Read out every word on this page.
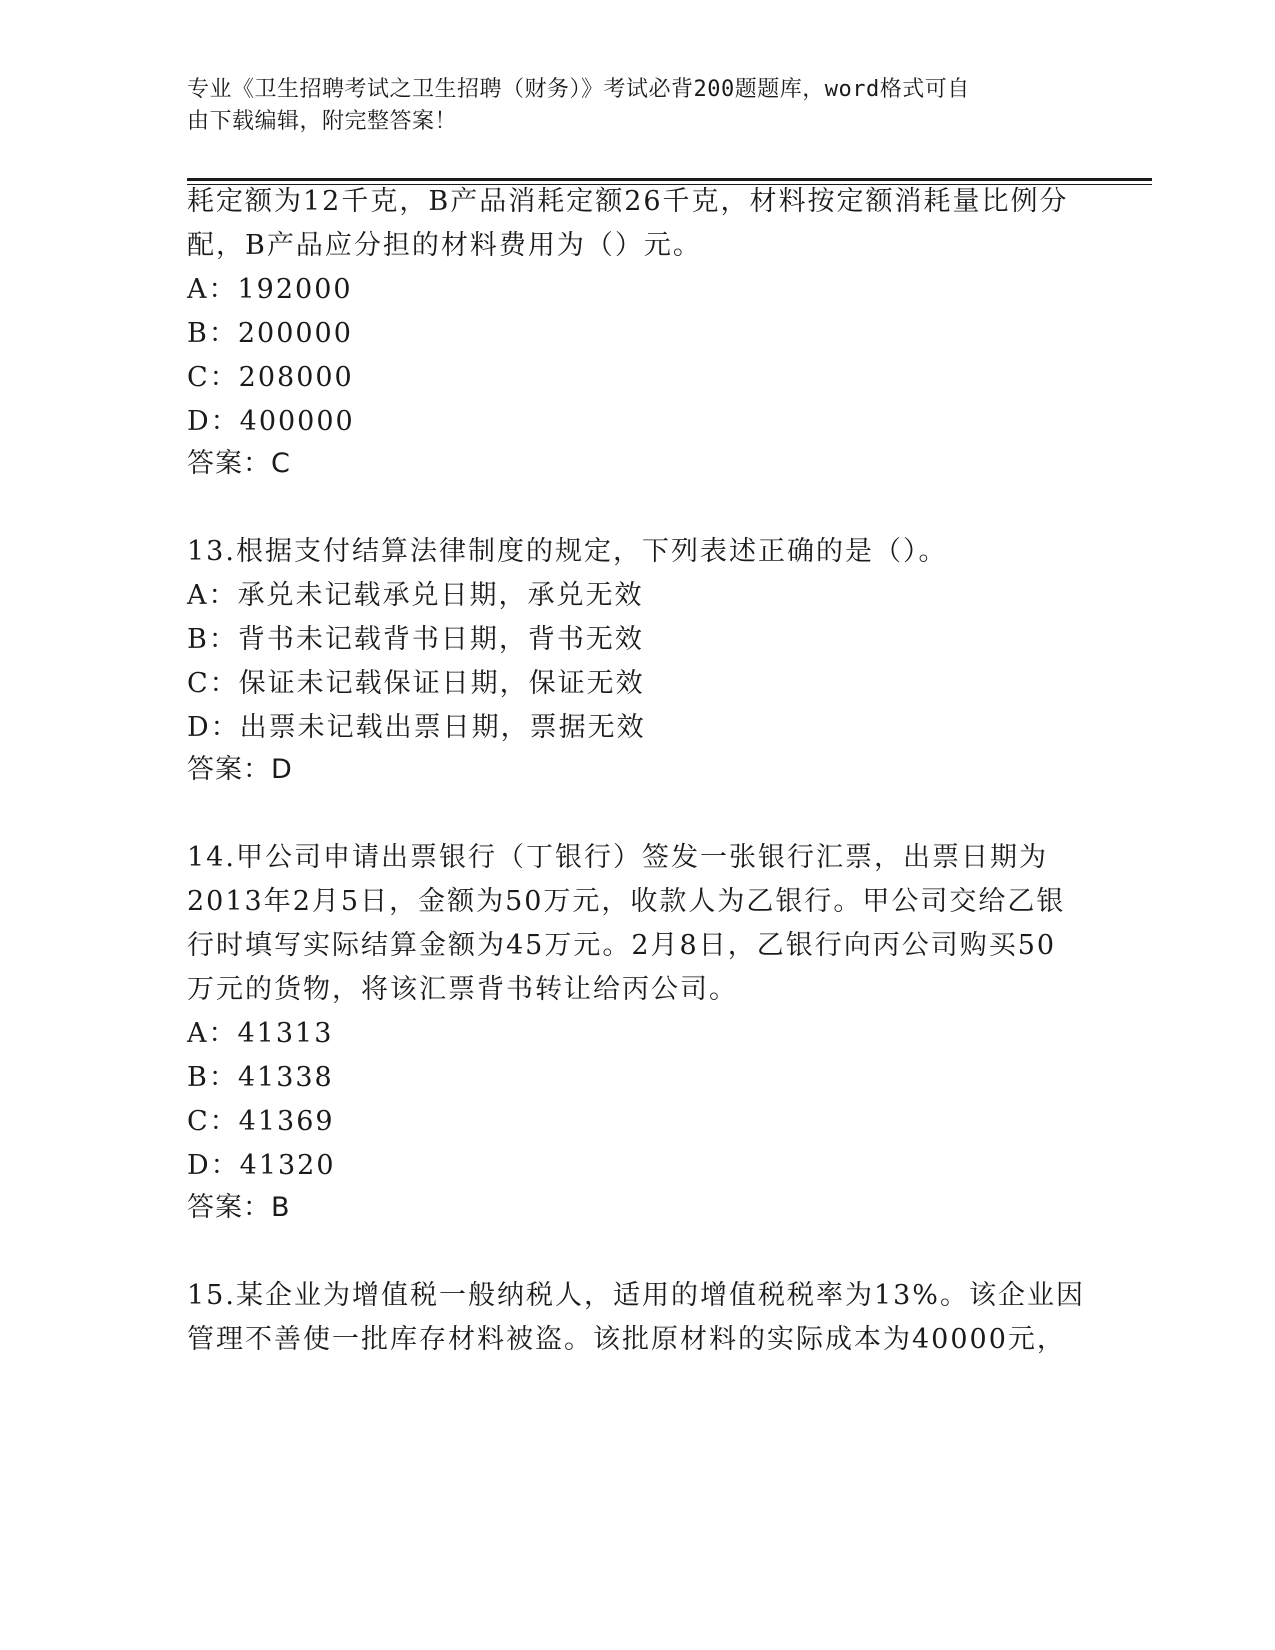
专业《卫生招聘考试之卫生招聘（财务）》考试必背200题题库，word格式可自
由下载编辑，附完整答案！

耗定额为12千克，B产品消耗定额26千克，材料按定额消耗量比例分

配，B产品应分担的材料费用为（）元。

A：192000

B：200000

C：208000

D：400000

答案：C

13.根据支付结算法律制度的规定，下列表述正确的是（）。

A：承兑未记载承兑日期，承兑无效

B：背书未记载背书日期，背书无效

C：保证未记载保证日期，保证无效

D：出票未记载出票日期，票据无效

答案：D

14.甲公司申请出票银行（丁银行）签发一张银行汇票，出票日期为

2013年2月5日，金额为50万元，收款人为乙银行。甲公司交给乙银

行时填写实际结算金额为45万元。2月8日，乙银行向丙公司购买50

万元的货物，将该汇票背书转让给丙公司。

A：41313

B：41338

C：41369

D：41320

答案：B

15.某企业为增值税一般纳税人，适用的增值税税率为13%。该企业因

管理不善使一批库存材料被盗。该批原材料的实际成本为40000元，
